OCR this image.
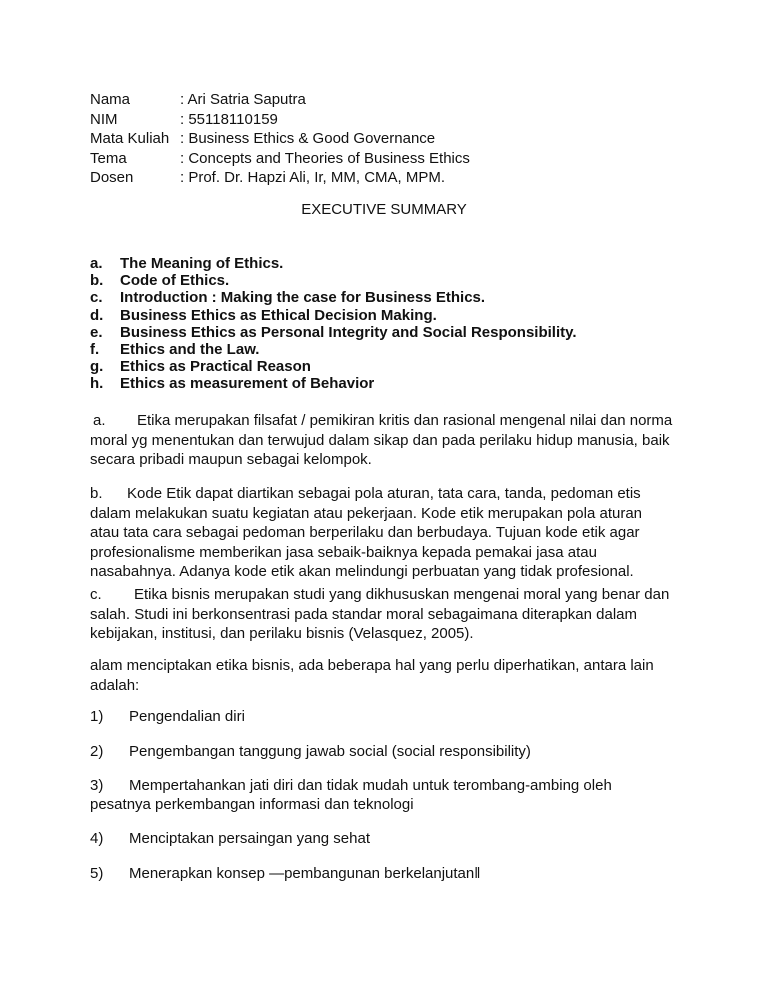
Nama	: Ari Satria Saputra
NIM	: 55118110159
Mata Kuliah : Business Ethics & Good Governance
Tema	: Concepts and Theories of Business Ethics
Dosen	: Prof. Dr. Hapzi Ali, Ir, MM, CMA, MPM.
EXECUTIVE SUMMARY
a. The Meaning of Ethics.
b. Code of Ethics.
c. Introduction : Making the case for Business Ethics.
d. Business Ethics as Ethical Decision Making.
e. Business Ethics as Personal Integrity and Social Responsibility.
f. Ethics and the Law.
g. Ethics as Practical Reason
h. Ethics as measurement of Behavior

a. Etika merupakan filsafat / pemikiran kritis dan rasional mengenal nilai dan norma

moral yg menentukan dan terwujud dalam sikap dan pada perilaku hidup manusia, baik

secara pribadi maupun sebagai kelompok.

b. Kode Etik dapat diartikan sebagai pola aturan, tata cara, tanda, pedoman etis

dalam melakukan suatu kegiatan atau pekerjaan. Kode etik merupakan pola aturan

atau tata cara sebagai pedoman berperilaku dan berbudaya. Tujuan kode etik agar

profesionalisme memberikan jasa sebaik-baiknya kepada pemakai jasa atau

nasabahnya. Adanya kode etik akan melindungi perbuatan yang tidak profesional.

c. Etika bisnis merupakan studi yang dikhususkan mengenai moral yang benar dan

salah. Studi ini berkonsentrasi pada standar moral sebagaimana diterapkan dalam

kebijakan, institusi, dan perilaku bisnis (Velasquez, 2005).

alam menciptakan etika bisnis, ada beberapa hal yang perlu diperhatikan, antara lain

adalah:

1) Pengendalian diri
2) Pengembangan tanggung jawab social (social responsibility)
3) Mempertahankan jati diri dan tidak mudah untuk terombang-ambing oleh
pesatnya perkembangan informasi dan teknologi
4) Menciptakan persaingan yang sehat
5) Menerapkan konsep —pembangunan berkelanjutan‖
